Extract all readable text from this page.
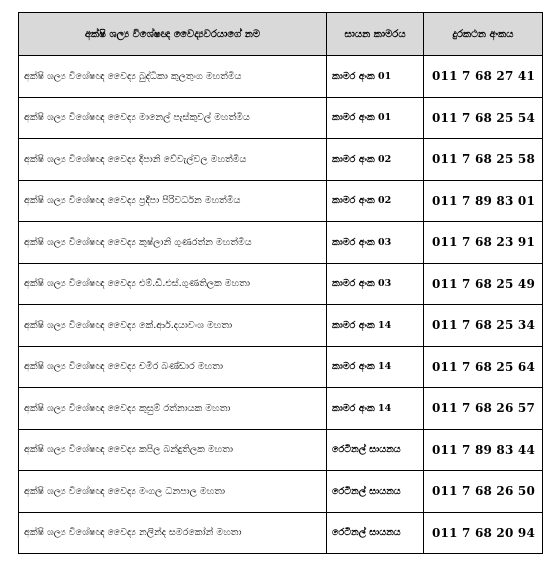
අක්ෂි ශල්‍ය විශේෂඥ වෛද්‍යවරයාගේ නම	සායන කාමරය	දුරකථන අංකය
අක්ෂි ශල්‍ය විශේෂඥ වෛද්‍ය බුද්ධිකා කුලතුංග මහත්මිය	කාමර අංක 01	011 7 68 27 41
අක්ෂි ශල්‍ය විශේෂඥ වෛද්‍ය මානෙල් පැස්කුවල් මහත්මිය	කාමර අංක 01	011 7 68 25 54
අක්ෂි ශල්‍ය විශේෂඥ වෛද්‍ය දිපානි වේවැල්වල මහත්මිය	කාමර අංක 02	011 7 68 25 58
අක්ෂි ශල්‍ය විශේෂඥ වෛද්‍ය ප්‍රදීපා පිරිවර්ධන මහත්මිය	කාමර අංක 02	011 7 89 83 01
අක්ෂි ශල්‍ය විශේෂඥ වෛද්‍ය කුෂ්ලානි ගුණරත්න මහත්මිය	කාමර අංක 03	011 7 68 23 91
අක්ෂි ශල්‍ය විශේෂඥ වෛද්‍ය එම්.ඩී.එස්.ගුණතිලක මහතා	කාමර අංක 03	011 7 68 25 49
අක්ෂි ශල්‍ය විශේෂඥ වෛද්‍ය කේ.ආර්.දයාවංශ මහතා	කාමර අංක 14	011 7 68 25 34
අක්ෂි ශල්‍ය විශේෂඥ වෛද්‍ය චමීර බණ්ඩාර මහතා	කාමර අංක 14	011 7 68 25 64
අක්ෂි ශල්‍ය විශේෂඥ වෛද්‍ය කුසුම් රත්නායක මහතා	කාමර අංක 14	011 7 68 26 57
අක්ෂි ශල්‍ය විශේෂඥ වෛද්‍ය කපිල බන්දුතිලක මහතා	රෙටිනල් සායනය	011 7 89 83 44
අක්ෂි ශල්‍ය විශේෂඥ වෛද්‍ය මංගල ධනපාල මහතා	රෙටිනල් සායනය	011 7 68 26 50
අක්ෂි ශල්‍ය විශේෂඥ වෛද්‍ය නලින්ද සමරකෝන් මහතා	රෙටිනල් සායනය	011 7 68 20 94
